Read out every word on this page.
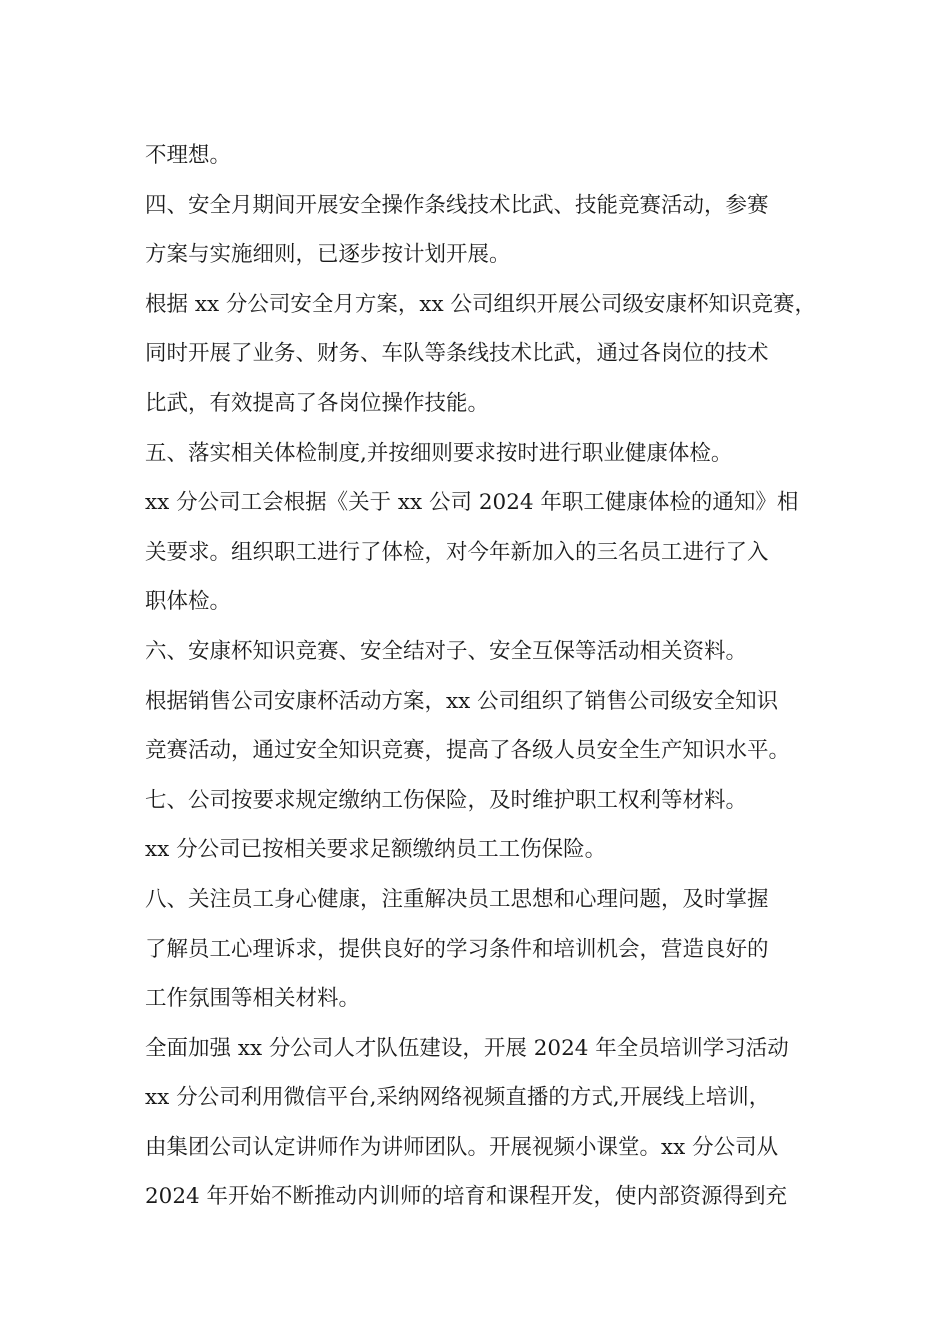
不理想。
四、安全月期间开展安全操作条线技术比武、技能竞赛活动，参赛
方案与实施细则，已逐步按计划开展。
根据 xx 分公司安全月方案，xx 公司组织开展公司级安康杯知识竞赛，
同时开展了业务、财务、车队等条线技术比武，通过各岗位的技术
比武，有效提高了各岗位操作技能。
五、落实相关体检制度,并按细则要求按时进行职业健康体检。
xx 分公司工会根据《关于 xx 公司 2024 年职工健康体检的通知》相
关要求。组织职工进行了体检，对今年新加入的三名员工进行了入
职体检。
六、安康杯知识竞赛、安全结对子、安全互保等活动相关资料。
根据销售公司安康杯活动方案，xx 公司组织了销售公司级安全知识
竞赛活动，通过安全知识竞赛，提高了各级人员安全生产知识水平。
七、公司按要求规定缴纳工伤保险，及时维护职工权利等材料。
xx 分公司已按相关要求足额缴纳员工工伤保险。
八、关注员工身心健康，注重解决员工思想和心理问题，及时掌握
了解员工心理诉求，提供良好的学习条件和培训机会，营造良好的
工作氛围等相关材料。
全面加强 xx 分公司人才队伍建设，开展 2024 年全员培训学习活动
xx 分公司利用微信平台,采纳网络视频直播的方式,开展线上培训，
由集团公司认定讲师作为讲师团队。开展视频小课堂。xx 分公司从
2024 年开始不断推动内训师的培育和课程开发，使内部资源得到充
